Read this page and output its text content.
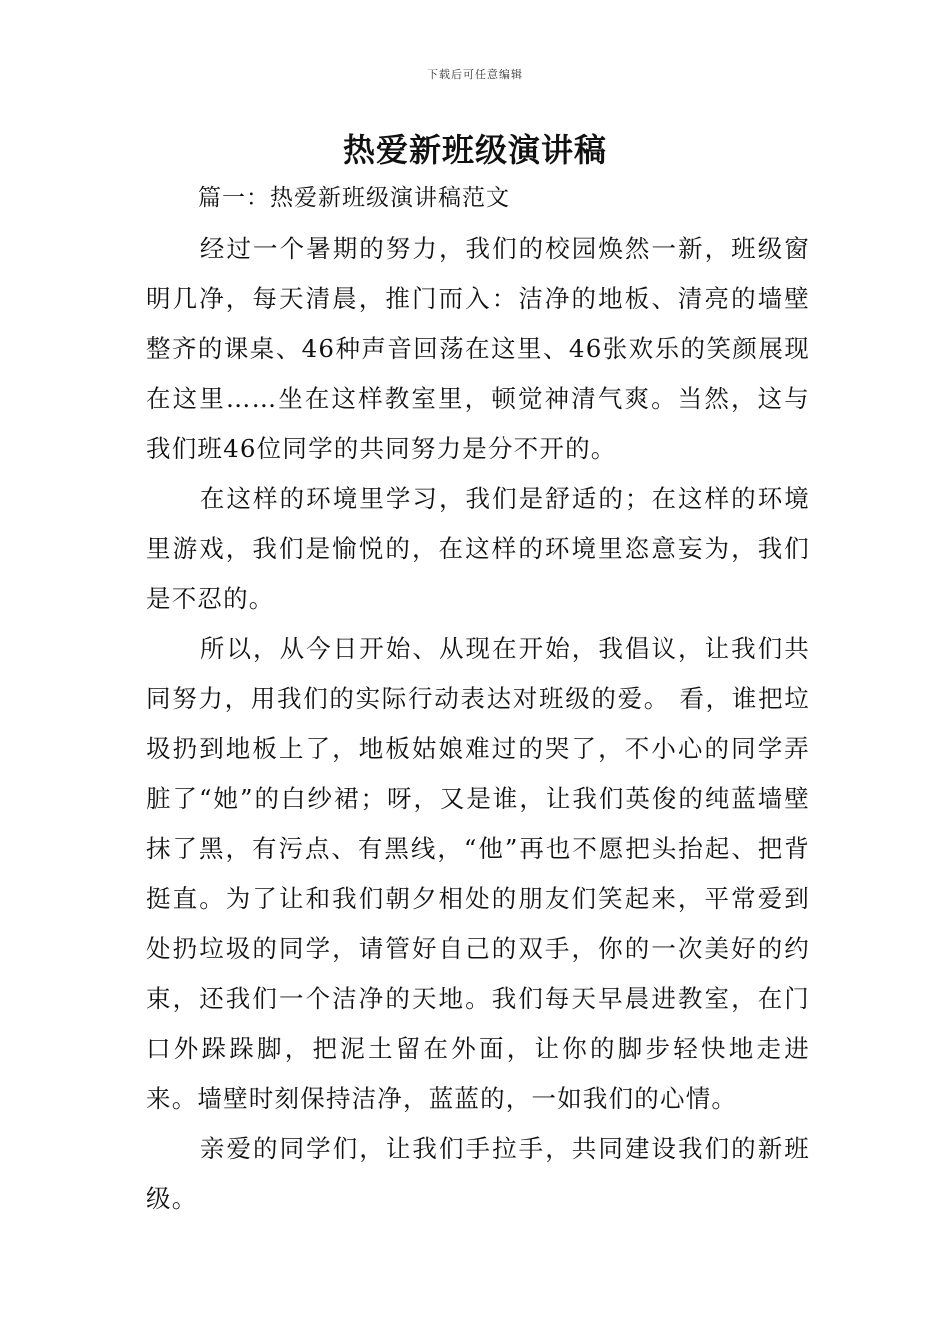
下载后可任意编辑
热爱新班级演讲稿
篇一：热爱新班级演讲稿范文

经过一个暑期的努力，我们的校园焕然一新，班级窗明几净，每天清晨，推门而入：洁净的地板、清亮的墙壁整齐的课桌、46种声音回荡在这里、46张欢乐的笑颜展现在这里……坐在这样教室里，顿觉神清气爽。当然，这与我们班46位同学的共同努力是分不开的。

在这样的环境里学习，我们是舒适的；在这样的环境里游戏，我们是愉悦的，在这样的环境里恣意妄为，我们是不忍的。

所以，从今日开始、从现在开始，我倡议，让我们共同努力，用我们的实际行动表达对班级的爱。 看，谁把垃圾扔到地板上了，地板姑娘难过的哭了，不小心的同学弄脏了“她”的白纱裙；呀，又是谁，让我们英俊的纯蓝墙壁抹了黑，有污点、有黑线，“他”再也不愿把头抬起、把背挺直。为了让和我们朝夕相处的朋友们笑起来，平常爱到处扔垃圾的同学，请管好自己的双手，你的一次美好的约束，还我们一个洁净的天地。我们每天早晨进教室，在门口外跺跺脚，把泥土留在外面，让你的脚步轻快地走进来。墙壁时刻保持洁净，蓝蓝的，一如我们的心情。

亲爱的同学们，让我们手拉手，共同建设我们的新班级。
